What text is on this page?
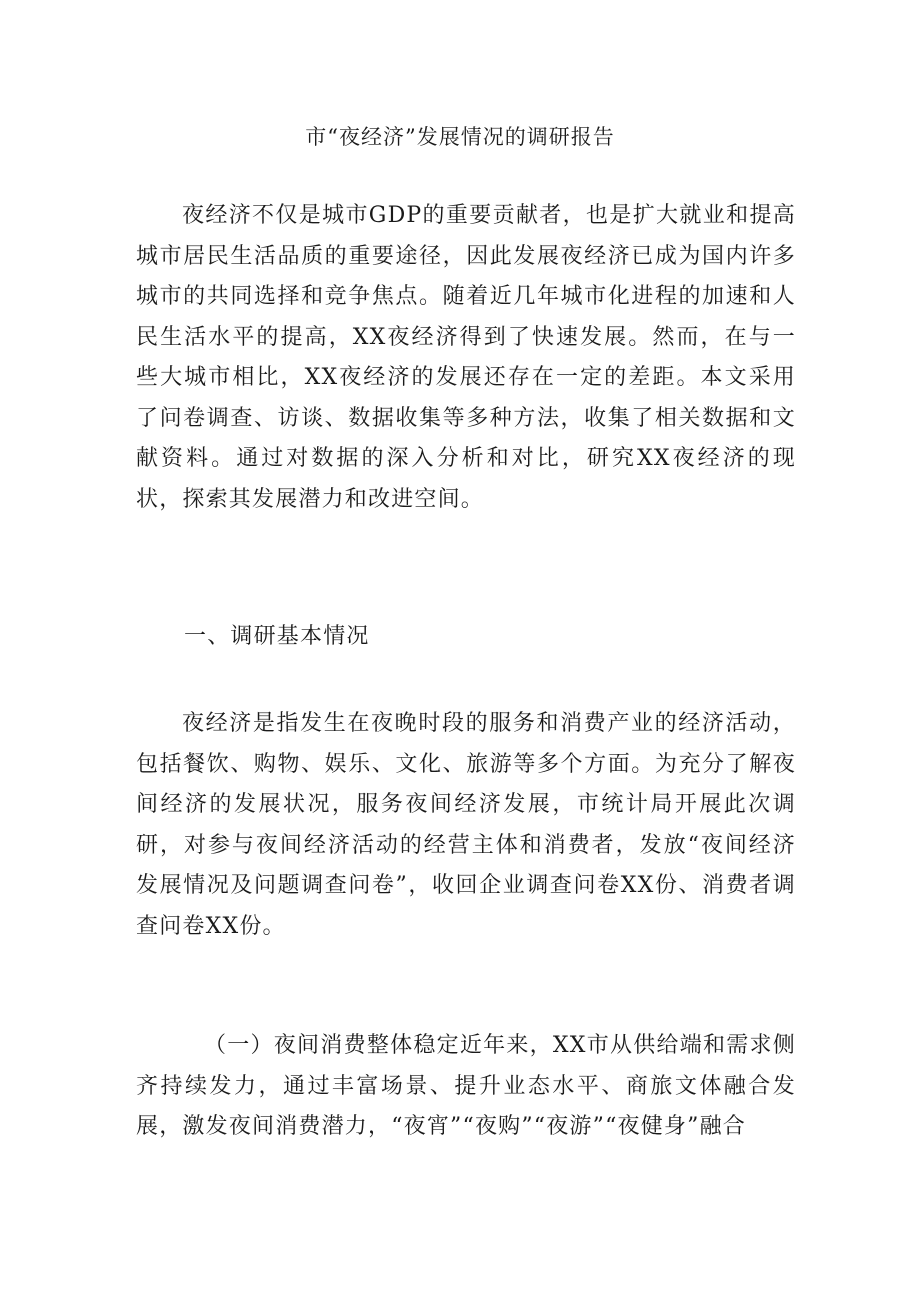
市“夜经济”发展情况的调研报告

夜经济不仅是城市GDP的重要贡献者，也是扩大就业和提高城市居民生活品质的重要途径，因此发展夜经济已成为国内许多城市的共同选择和竞争焦点。随着近几年城市化进程的加速和人民生活水平的提高，XX夜经济得到了快速发展。然而，在与一些大城市相比，XX夜经济的发展还存在一定的差距。本文采用了问卷调查、访谈、数据收集等多种方法，收集了相关数据和文献资料。通过对数据的深入分析和对比，研究XX夜经济的现状，探索其发展潜力和改进空间。

一、调研基本情况

夜经济是指发生在夜晚时段的服务和消费产业的经济活动，包括餐饮、购物、娱乐、文化、旅游等多个方面。为充分了解夜间经济的发展状况，服务夜间经济发展，市统计局开展此次调研，对参与夜间经济活动的经营主体和消费者，发放“夜间经济发展情况及问题调查问卷”，收回企业调查问卷XX份、消费者调查问卷XX份。

（一）夜间消费整体稳定近年来，XX市从供给端和需求侧齐持续发力，通过丰富场景、提升业态水平、商旅文体融合发展，激发夜间消费潜力，“夜宵”“夜购”“夜游”“夜健身”融合
